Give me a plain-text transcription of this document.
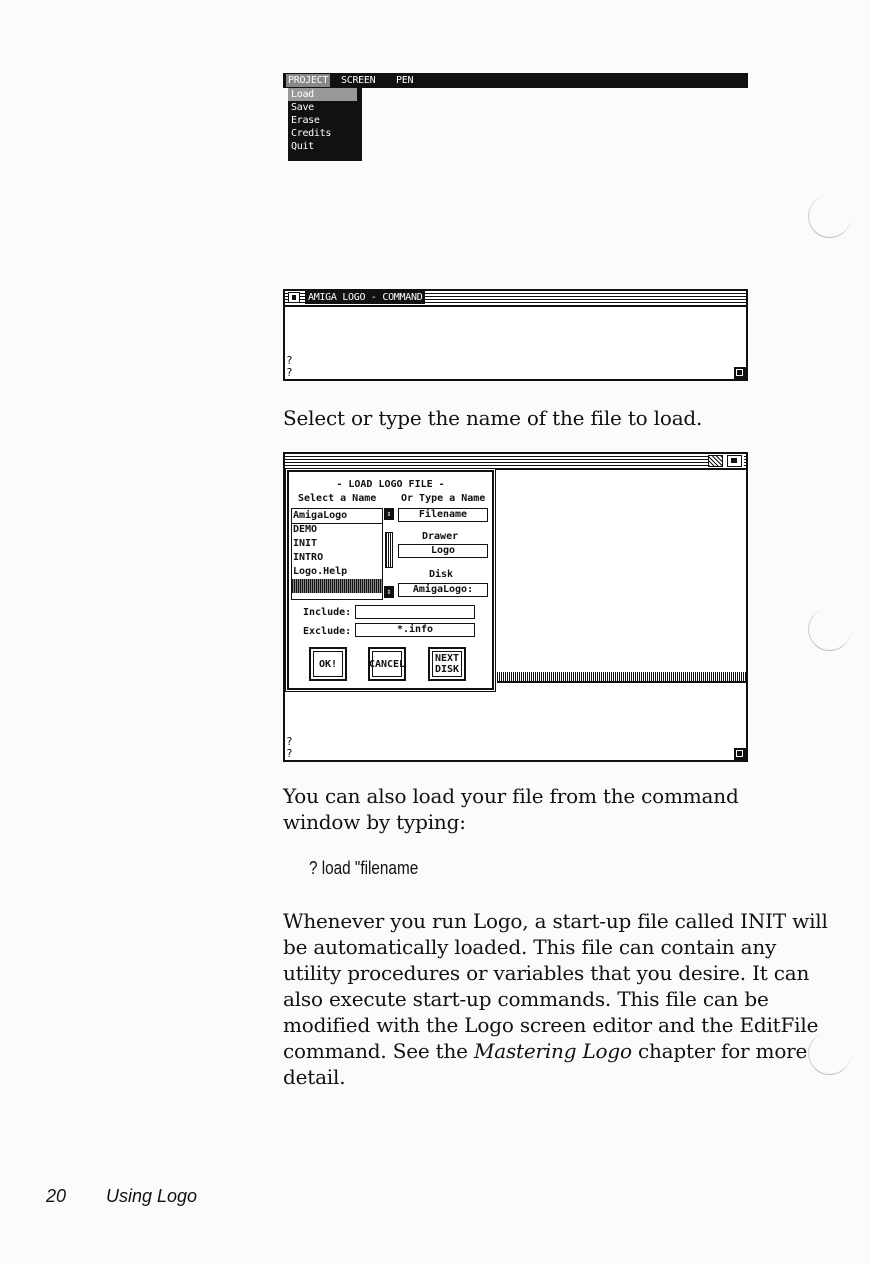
PROJECT SCREEN PEN
Load
Save
Erase
Credits
Quit
AMIGA LOGO - COMMAND
?
?
Select or type the name of the file to load.
?
?
- LOAD LOGO FILE -
Select a Name Or Type a Name
AmigaLogo
DEMO
INIT
INTRO
Logo.Help
⇕
⇕
Filename
Drawer
Logo
Disk
AmigaLogo:
Include:
Exclude:	*.info
OK!	CANCEL	NEXT DISK
You can also load your file from the command window by typing:
? load "filename
Whenever you run Logo, a start-up file called INIT will be automatically loaded. This file can contain any utility procedures or variables that you desire. It can also execute start-up commands. This file can be modified with the Logo screen editor and the EditFile command. See the Mastering Logo chapter for more detail.
20 Using Logo
